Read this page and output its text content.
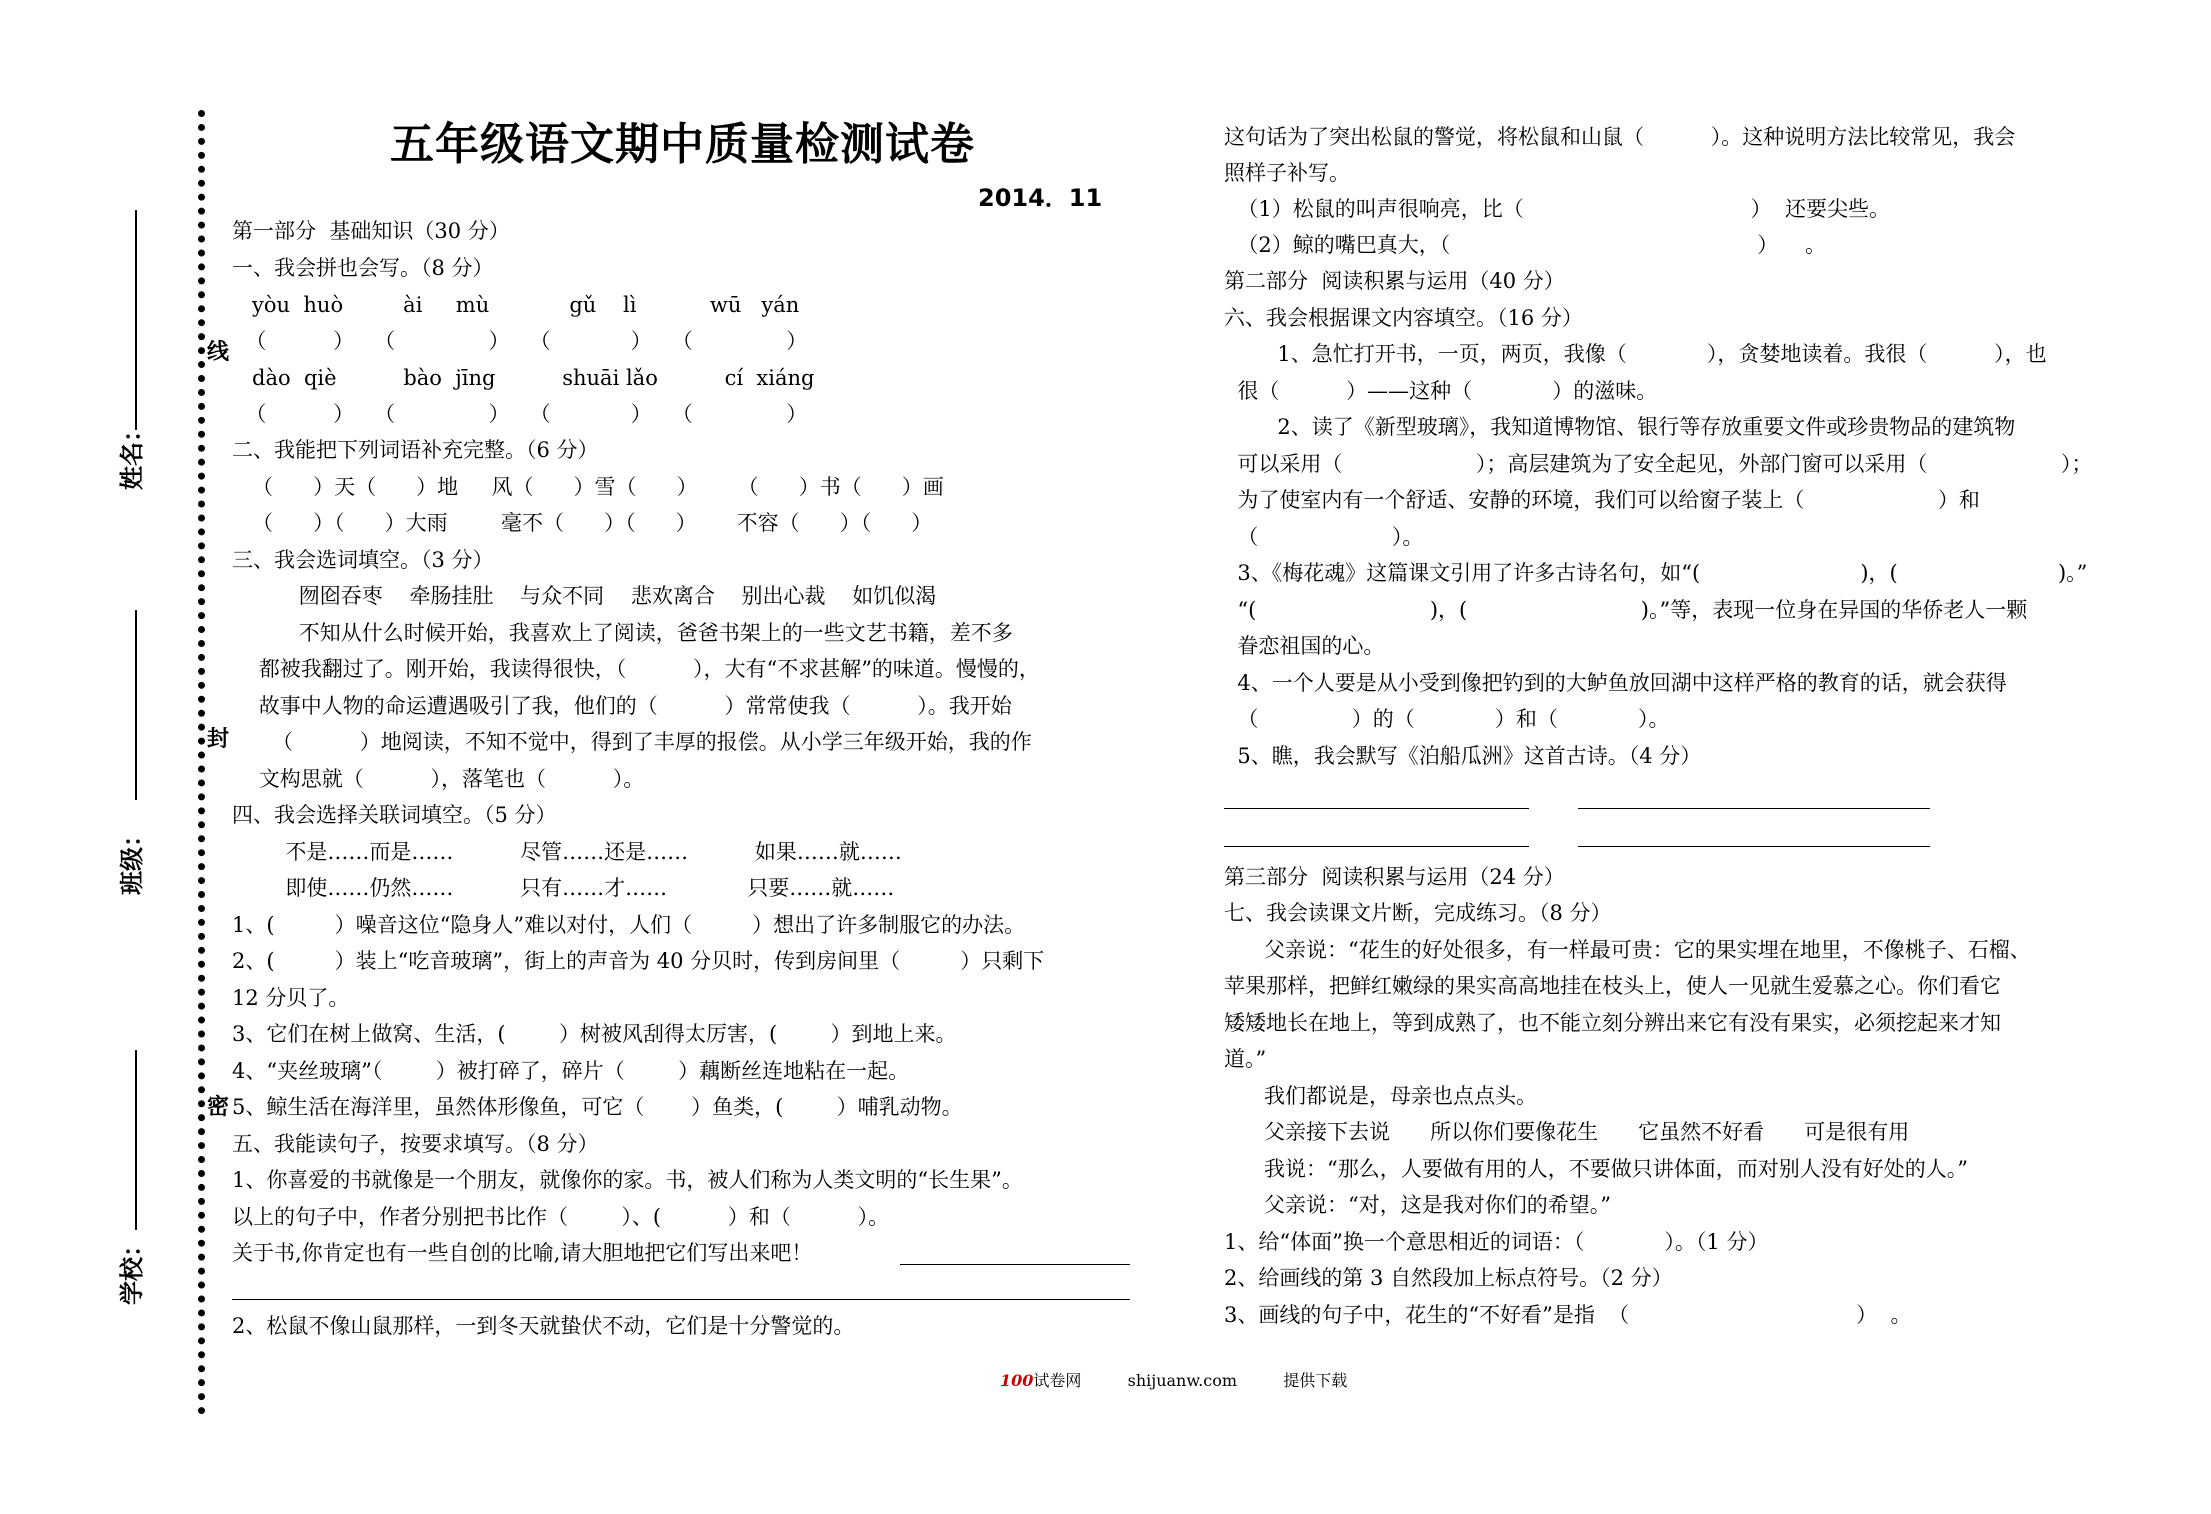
姓名：
班级：
学校：
线
封
密
五年级语文期中质量检测试卷
2014．11
第一部分  基础知识（30 分）
一、我会拼也会写。（8 分）
yòu  huò         ài     mù            gǔ    lì           wū   yán
（          ）   （              ）   （            ）   （              ）
dào  qiè          bào  jīng          shuāi lǎo          cí  xiáng
（          ）   （              ）   （            ）   （              ）
二、我能把下列词语补充完整。（6 分）
（      ）天（      ）地     风（      ）雪（      ）      （      ）书（      ）画
（      ）（      ）大雨        毫不（      ）（      ）      不容（      ）（      ）
三、我会选词填空。（3 分）
囫囵吞枣    牵肠挂肚    与众不同    悲欢离合    别出心裁    如饥似渴
不知从什么时候开始，我喜欢上了阅读，爸爸书架上的一些文艺书籍，差不多
都被我翻过了。刚开始，我读得很快，（          ），大有“不求甚解”的味道。慢慢的，
故事中人物的命运遭遇吸引了我，他们的（          ）常常使我（          ）。我开始
（          ）地阅读，不知不觉中，得到了丰厚的报偿。从小学三年级开始，我的作
文构思就（          ），落笔也（          ）。
四、我会选择关联词填空。（5 分）
不是……而是……          尽管……还是……          如果……就……
即使……仍然……          只有……才……            只要……就……
1、(         ）噪音这位“隐身人”难以对付，人们（         ）想出了许多制服它的办法。
2、(         ）装上“吃音玻璃”，街上的声音为 40 分贝时，传到房间里（         ）只剩下
12 分贝了。
3、它们在树上做窝、生活，(        ）树被风刮得太厉害，(        ）到地上来。
4、“夹丝玻璃”（        ）被打碎了，碎片（        ）藕断丝连地粘在一起。
5、鲸生活在海洋里，虽然体形像鱼，可它（       ）鱼类，(        ）哺乳动物。
五、我能读句子，按要求填写。（8 分）
1、你喜爱的书就像是一个朋友，就像你的家。书，被人们称为人类文明的“长生果”。
以上的句子中，作者分别把书比作（        ）、(          ）和（          ）。
关于书,你肯定也有一些自创的比喻,请大胆地把它们写出来吧！
2、松鼠不像山鼠那样，一到冬天就蛰伏不动，它们是十分警觉的。
这句话为了突出松鼠的警觉，将松鼠和山鼠（          ）。这种说明方法比较常见，我会
照样子补写。
（1）松鼠的叫声很响亮，比（                                  ）  还要尖些。
（2）鲸的嘴巴真大，（                                              ）    。
第二部分  阅读积累与运用（40 分）
六、我会根据课文内容填空。（16 分）
1、急忙打开书，一页，两页，我像（            ），贪婪地读着。我很（          ），也
很（          ）——这种（            ）的滋味。
2、读了《新型玻璃》，我知道博物馆、银行等存放重要文件或珍贵物品的建筑物
可以采用（                    ）；高层建筑为了安全起见，外部门窗可以采用（                    ）；
为了使室内有一个舒适、安静的环境，我们可以给窗子装上（                    ）和
（                    ）。
3、《梅花魂》这篇课文引用了许多古诗名句，如“(                        )，(                        )。”
“(                          )，(                          )。”等，表现一位身在异国的华侨老人一颗
眷恋祖国的心。
4、一个人要是从小受到像把钓到的大鲈鱼放回湖中这样严格的教育的话，就会获得
（              ）的（            ）和（            ）。
5、瞧，我会默写《泊船瓜洲》这首古诗。（4 分）
第三部分  阅读积累与运用（24 分）
七、我会读课文片断，完成练习。（8 分）
父亲说：“花生的好处很多，有一样最可贵：它的果实埋在地里，不像桃子、石榴、
苹果那样，把鲜红嫩绿的果实高高地挂在枝头上，使人一见就生爱慕之心。你们看它
矮矮地长在地上，等到成熟了，也不能立刻分辨出来它有没有果实，必须挖起来才知
道。”
我们都说是，母亲也点点头。
父亲接下去说      所以你们要像花生      它虽然不好看      可是很有用
我说：“那么，人要做有用的人，不要做只讲体面，而对别人没有好处的人。”
父亲说：“对，这是我对你们的希望。”
1、给“体面”换一个意思相近的词语：（            ）。（1 分）
2、给画线的第 3 自然段加上标点符号。（2 分）
3、画线的句子中，花生的“不好看”是指  （                                  ）  。
100试卷网	shijuanw.com	提供下载
